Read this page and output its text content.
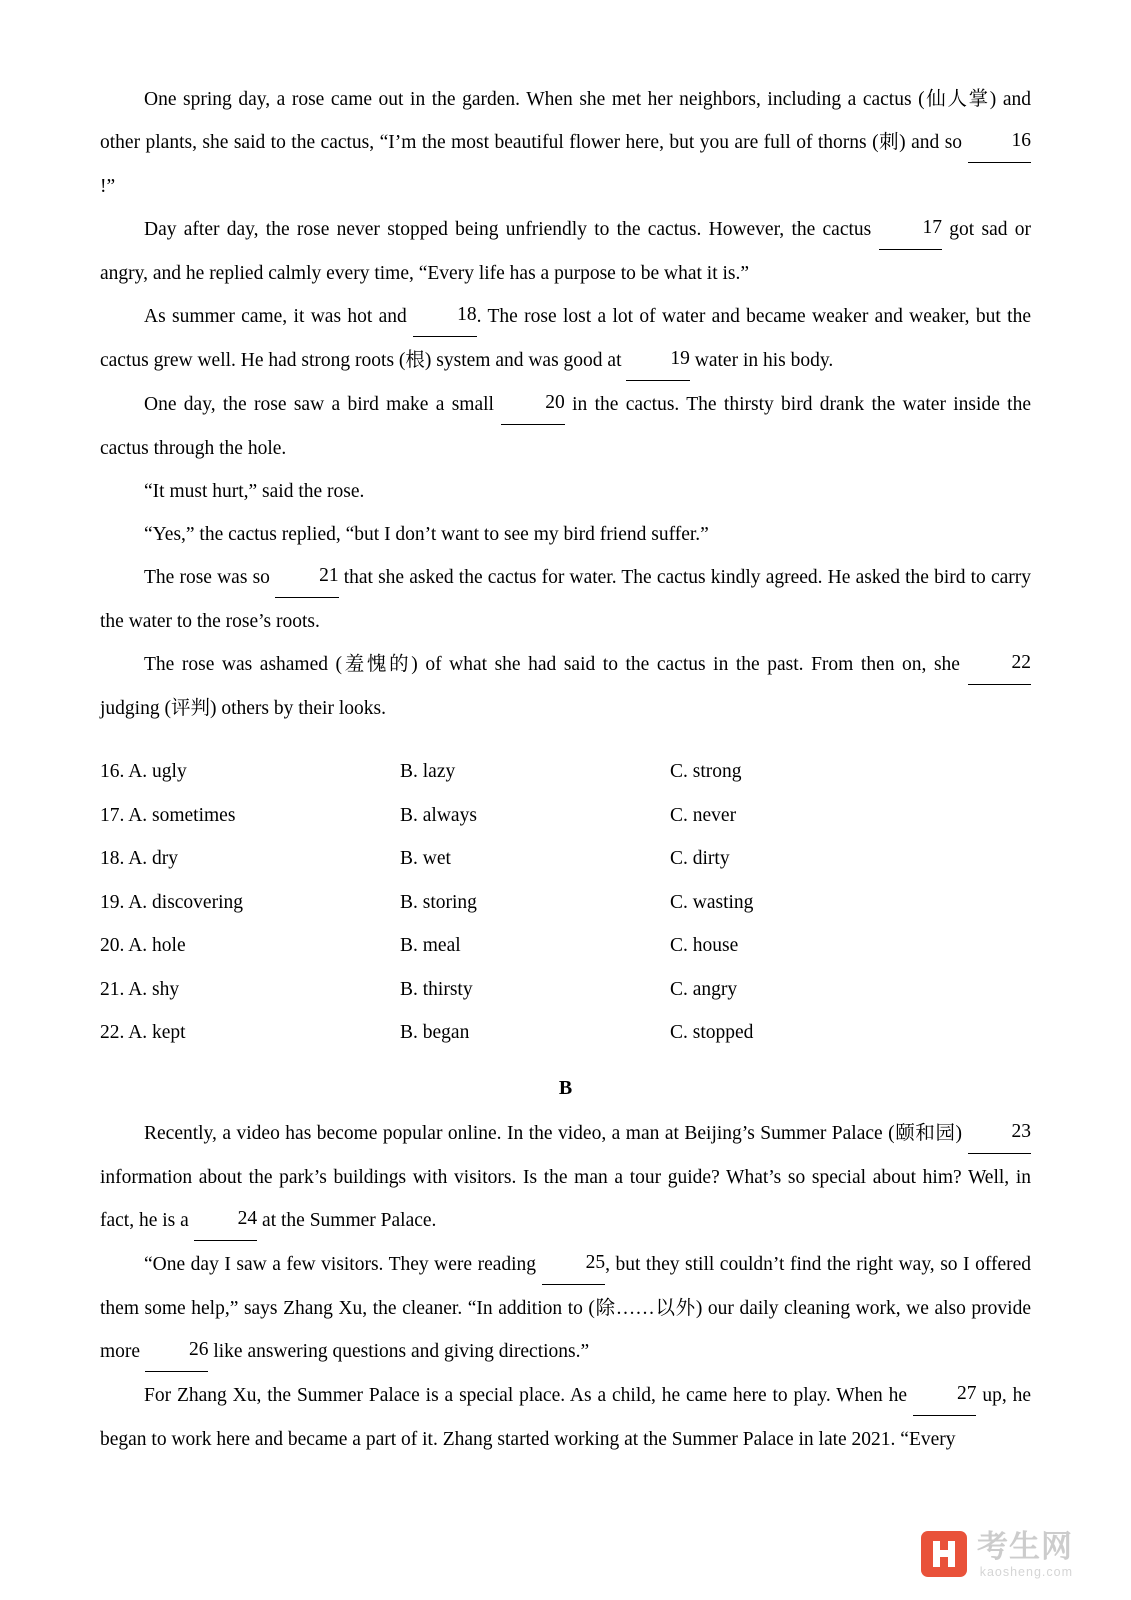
One spring day, a rose came out in the garden. When she met her neighbors, including a cactus (仙人掌) and other plants, she said to the cactus, “I’m the most beautiful flower here, but you are full of thorns (刺) and so 16!”

Day after day, the rose never stopped being unfriendly to the cactus. However, the cactus 17 got sad or angry, and he replied calmly every time, “Every life has a purpose to be what it is.”

As summer came, it was hot and 18. The rose lost a lot of water and became weaker and weaker, but the cactus grew well. He had strong roots (根) system and was good at 19 water in his body.

One day, the rose saw a bird make a small 20 in the cactus. The thirsty bird drank the water inside the cactus through the hole.

“It must hurt,” said the rose.

“Yes,” the cactus replied, “but I don’t want to see my bird friend suffer.”

The rose was so 21 that she asked the cactus for water. The cactus kindly agreed. He asked the bird to carry the water to the rose’s roots.

The rose was ashamed (羞愧的) of what she had said to the cactus in the past. From then on, she 22 judging (评判) others by their looks.

16. A. ugly	B. lazy	C. strong
17. A. sometimes	B. always	C. never
18. A. dry	B. wet	C. dirty
19. A. discovering	B. storing	C. wasting
20. A. hole	B. meal	C. house
21. A. shy	B. thirsty	C. angry
22. A. kept	B. began	C. stopped
B

Recently, a video has become popular online. In the video, a man at Beijing’s Summer Palace (颐和园) 23 information about the park’s buildings with visitors. Is the man a tour guide? What’s so special about him? Well, in fact, he is a 24 at the Summer Palace.

“One day I saw a few visitors. They were reading 25, but they still couldn’t find the right way, so I offered them some help,” says Zhang Xu, the cleaner. “In addition to (除……以外) our daily cleaning work, we also provide more 26 like answering questions and giving directions.”

For Zhang Xu, the Summer Palace is a special place. As a child, he came here to play. When he 27 up, he began to work here and became a part of it. Zhang started working at the Summer Palace in late 2021. “Every

考生网
kaosheng.com
